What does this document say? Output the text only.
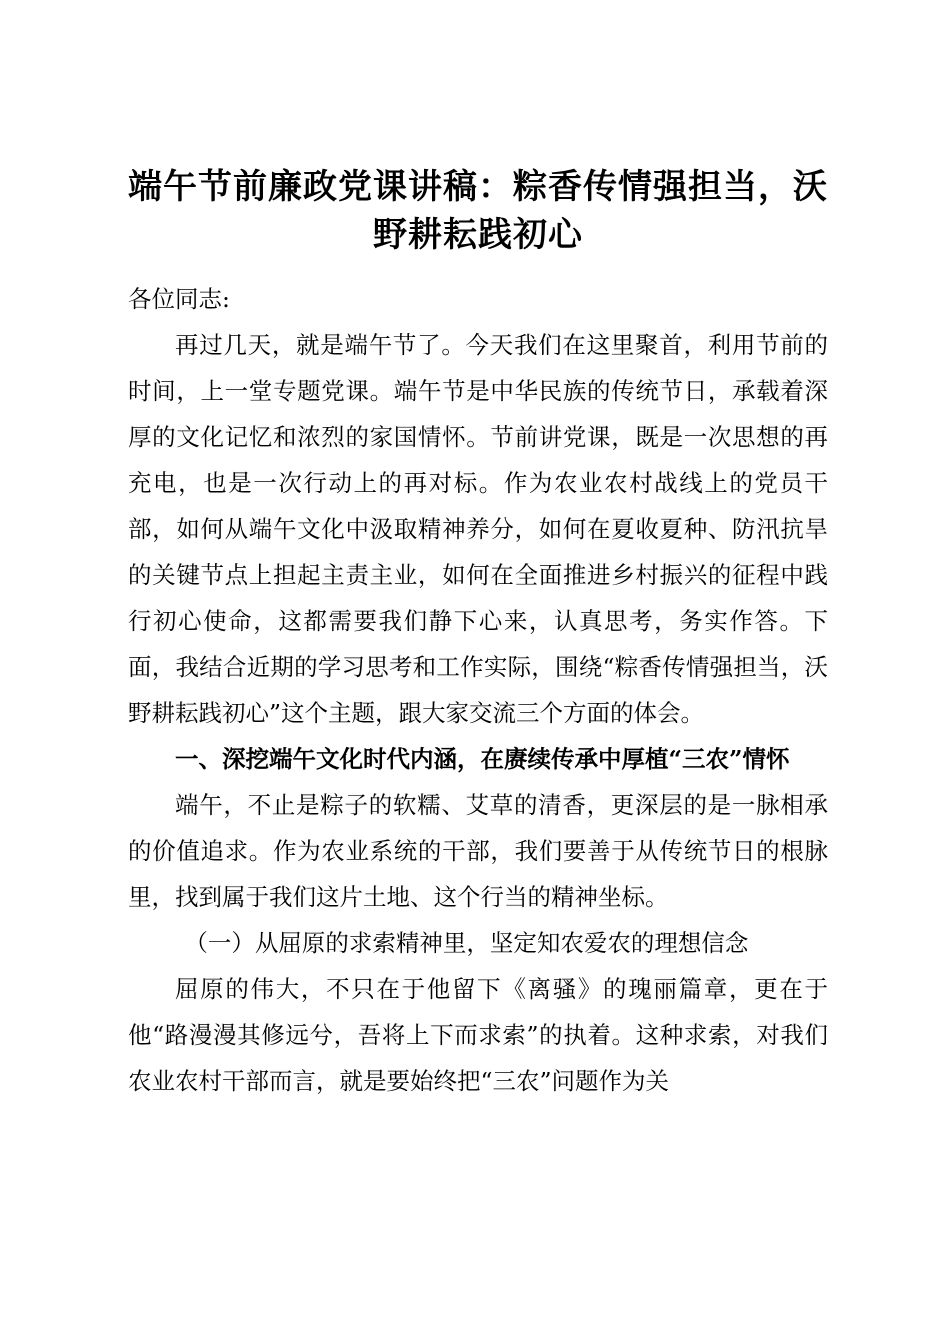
端午节前廉政党课讲稿：粽香传情强担当，沃野耕耘践初心

各位同志:

再过几天，就是端午节了。今天我们在这里聚首，利用节前的时间，上一堂专题党课。端午节是中华民族的传统节日，承载着深厚的文化记忆和浓烈的家国情怀。节前讲党课，既是一次思想的再充电，也是一次行动上的再对标。作为农业农村战线上的党员干部，如何从端午文化中汲取精神养分，如何在夏收夏种、防汛抗旱的关键节点上担起主责主业，如何在全面推进乡村振兴的征程中践行初心使命，这都需要我们静下心来，认真思考，务实作答。下面，我结合近期的学习思考和工作实际，围绕“粽香传情强担当，沃野耕耘践初心”这个主题，跟大家交流三个方面的体会。

一、深挖端午文化时代内涵，在赓续传承中厚植“三农”情怀

端午，不止是粽子的软糯、艾草的清香，更深层的是一脉相承的价值追求。作为农业系统的干部，我们要善于从传统节日的根脉里，找到属于我们这片土地、这个行当的精神坐标。

（一）从屈原的求索精神里，坚定知农爱农的理想信念

屈原的伟大，不只在于他留下《离骚》的瑰丽篇章，更在于他“路漫漫其修远兮，吾将上下而求索”的执着。这种求索，对我们农业农村干部而言，就是要始终把“三农”问题作为关
